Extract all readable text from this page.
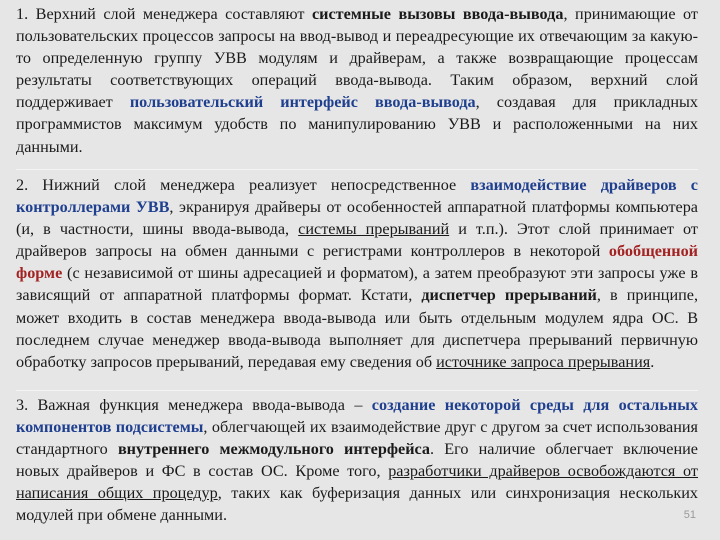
1. Верхний слой менеджера составляют системные вызовы ввода-вывода, принимающие от пользовательских процессов запросы на ввод-вывод и переадресующие их отвечающим за какую-то определенную группу УВВ модулям и драйверам, а также возвращающие процессам результаты соответствующих операций ввода-вывода. Таким образом, верхний слой поддерживает пользовательский интерфейс ввода-вывода, создавая для прикладных программистов максимум удобств по манипулированию УВВ и расположенными на них данными.
2. Нижний слой менеджера реализует непосредственное взаимодействие драйверов с контроллерами УВВ, экранируя драйверы от особенностей аппаратной платформы компьютера (и, в частности, шины ввода-вывода, системы прерываний и т.п.). Этот слой принимает от драйверов запросы на обмен данными с регистрами контроллеров в некоторой обобщенной форме (с независимой от шины адресацией и форматом), а затем преобразуют эти запросы уже в зависящий от аппаратной платформы формат. Кстати, диспетчер прерываний, в принципе, может входить в состав менеджера ввода-вывода или быть отдельным модулем ядра ОС. В последнем случае менеджер ввода-вывода выполняет для диспетчера прерываний первичную обработку запросов прерываний, передавая ему сведения об источнике запроса прерывания.
3. Важная функция менеджера ввода-вывода – создание некоторой среды для остальных компонентов подсистемы, облегчающей их взаимодействие друг с другом за счет использования стандартного внутреннего межмодульного интерфейса. Его наличие облегчает включение новых драйверов и ФС в состав ОС. Кроме того, разработчики драйверов освобождаются от написания общих процедур, таких как буферизация данных или синхронизация нескольких модулей при обмене данными.	51
